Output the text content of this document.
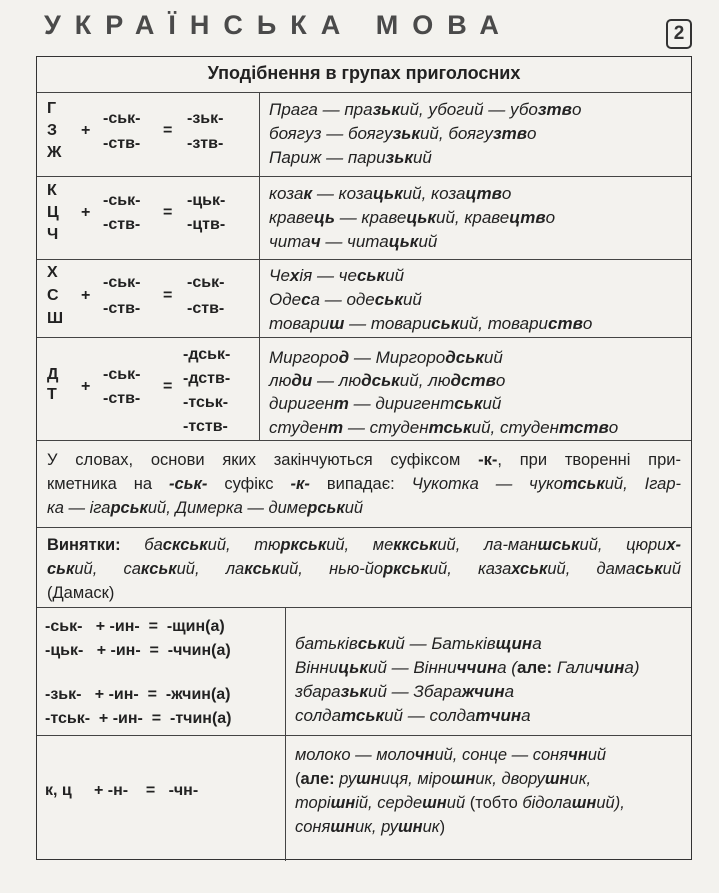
УКРАЇНСЬКА МОВА	2
Уподібнення в групах приголосних
Г
З
Ж
+
-ськ-
-ств-
=
-зьк-
-зтв-
Прага — празький, убогий — убозтво
боягуз — боягузький, боягузтво
Париж — паризький
К
Ц
Ч
+
-ськ-
-ств-
=
-цьк-
-цтв-
козак — козацький, козацтво
кравець — кравецький, кравецтво
читач — читацький
Х
С
Ш
+
-ськ-
-ств-
=
-ськ-
-ств-
Чехія — чеський
Одеса — одеський
товариш — товариський, товариство
Д
Т +
-ськ-
-ств-
=
-дськ-
-дств-
-тськ-
-тств-
Миргород — Миргородський
люди — людський, людство
диригент — диригентський
студент — студентський, студентство
У словах, основи яких закінчуються суфіксом -к-, при творенні при-
кметника на -ськ- суфікс -к- випадає: Чукотка — чукотський, Ігар-
ка — ігарський, Димерка — димерський
Винятки: баскський, тюркський, меккський, ла-маншський, цюрих-
ський, сакський, лакський, нью-йоркський, казахський, дамаський
(Дамаск)
-ськ- + -ин- = -щин(а)
-цьк- + -ин- = -ччин(а)
-зьк- + -ин- = -жчин(а)
-тськ- + -ин- = -тчин(а)
батьківський — Батьківщина
Вінницький — Вінниччина (але: Галичина)
збаразький — Збаражчина
солдатський — солдатчина
к, ц + -н- = -чн-
молоко — молочний, сонце — сонячний
(але: рушниця, мірошник, дворушник,
торішній, сердешний (тобто бідолашний),
соняшник, рушник)
